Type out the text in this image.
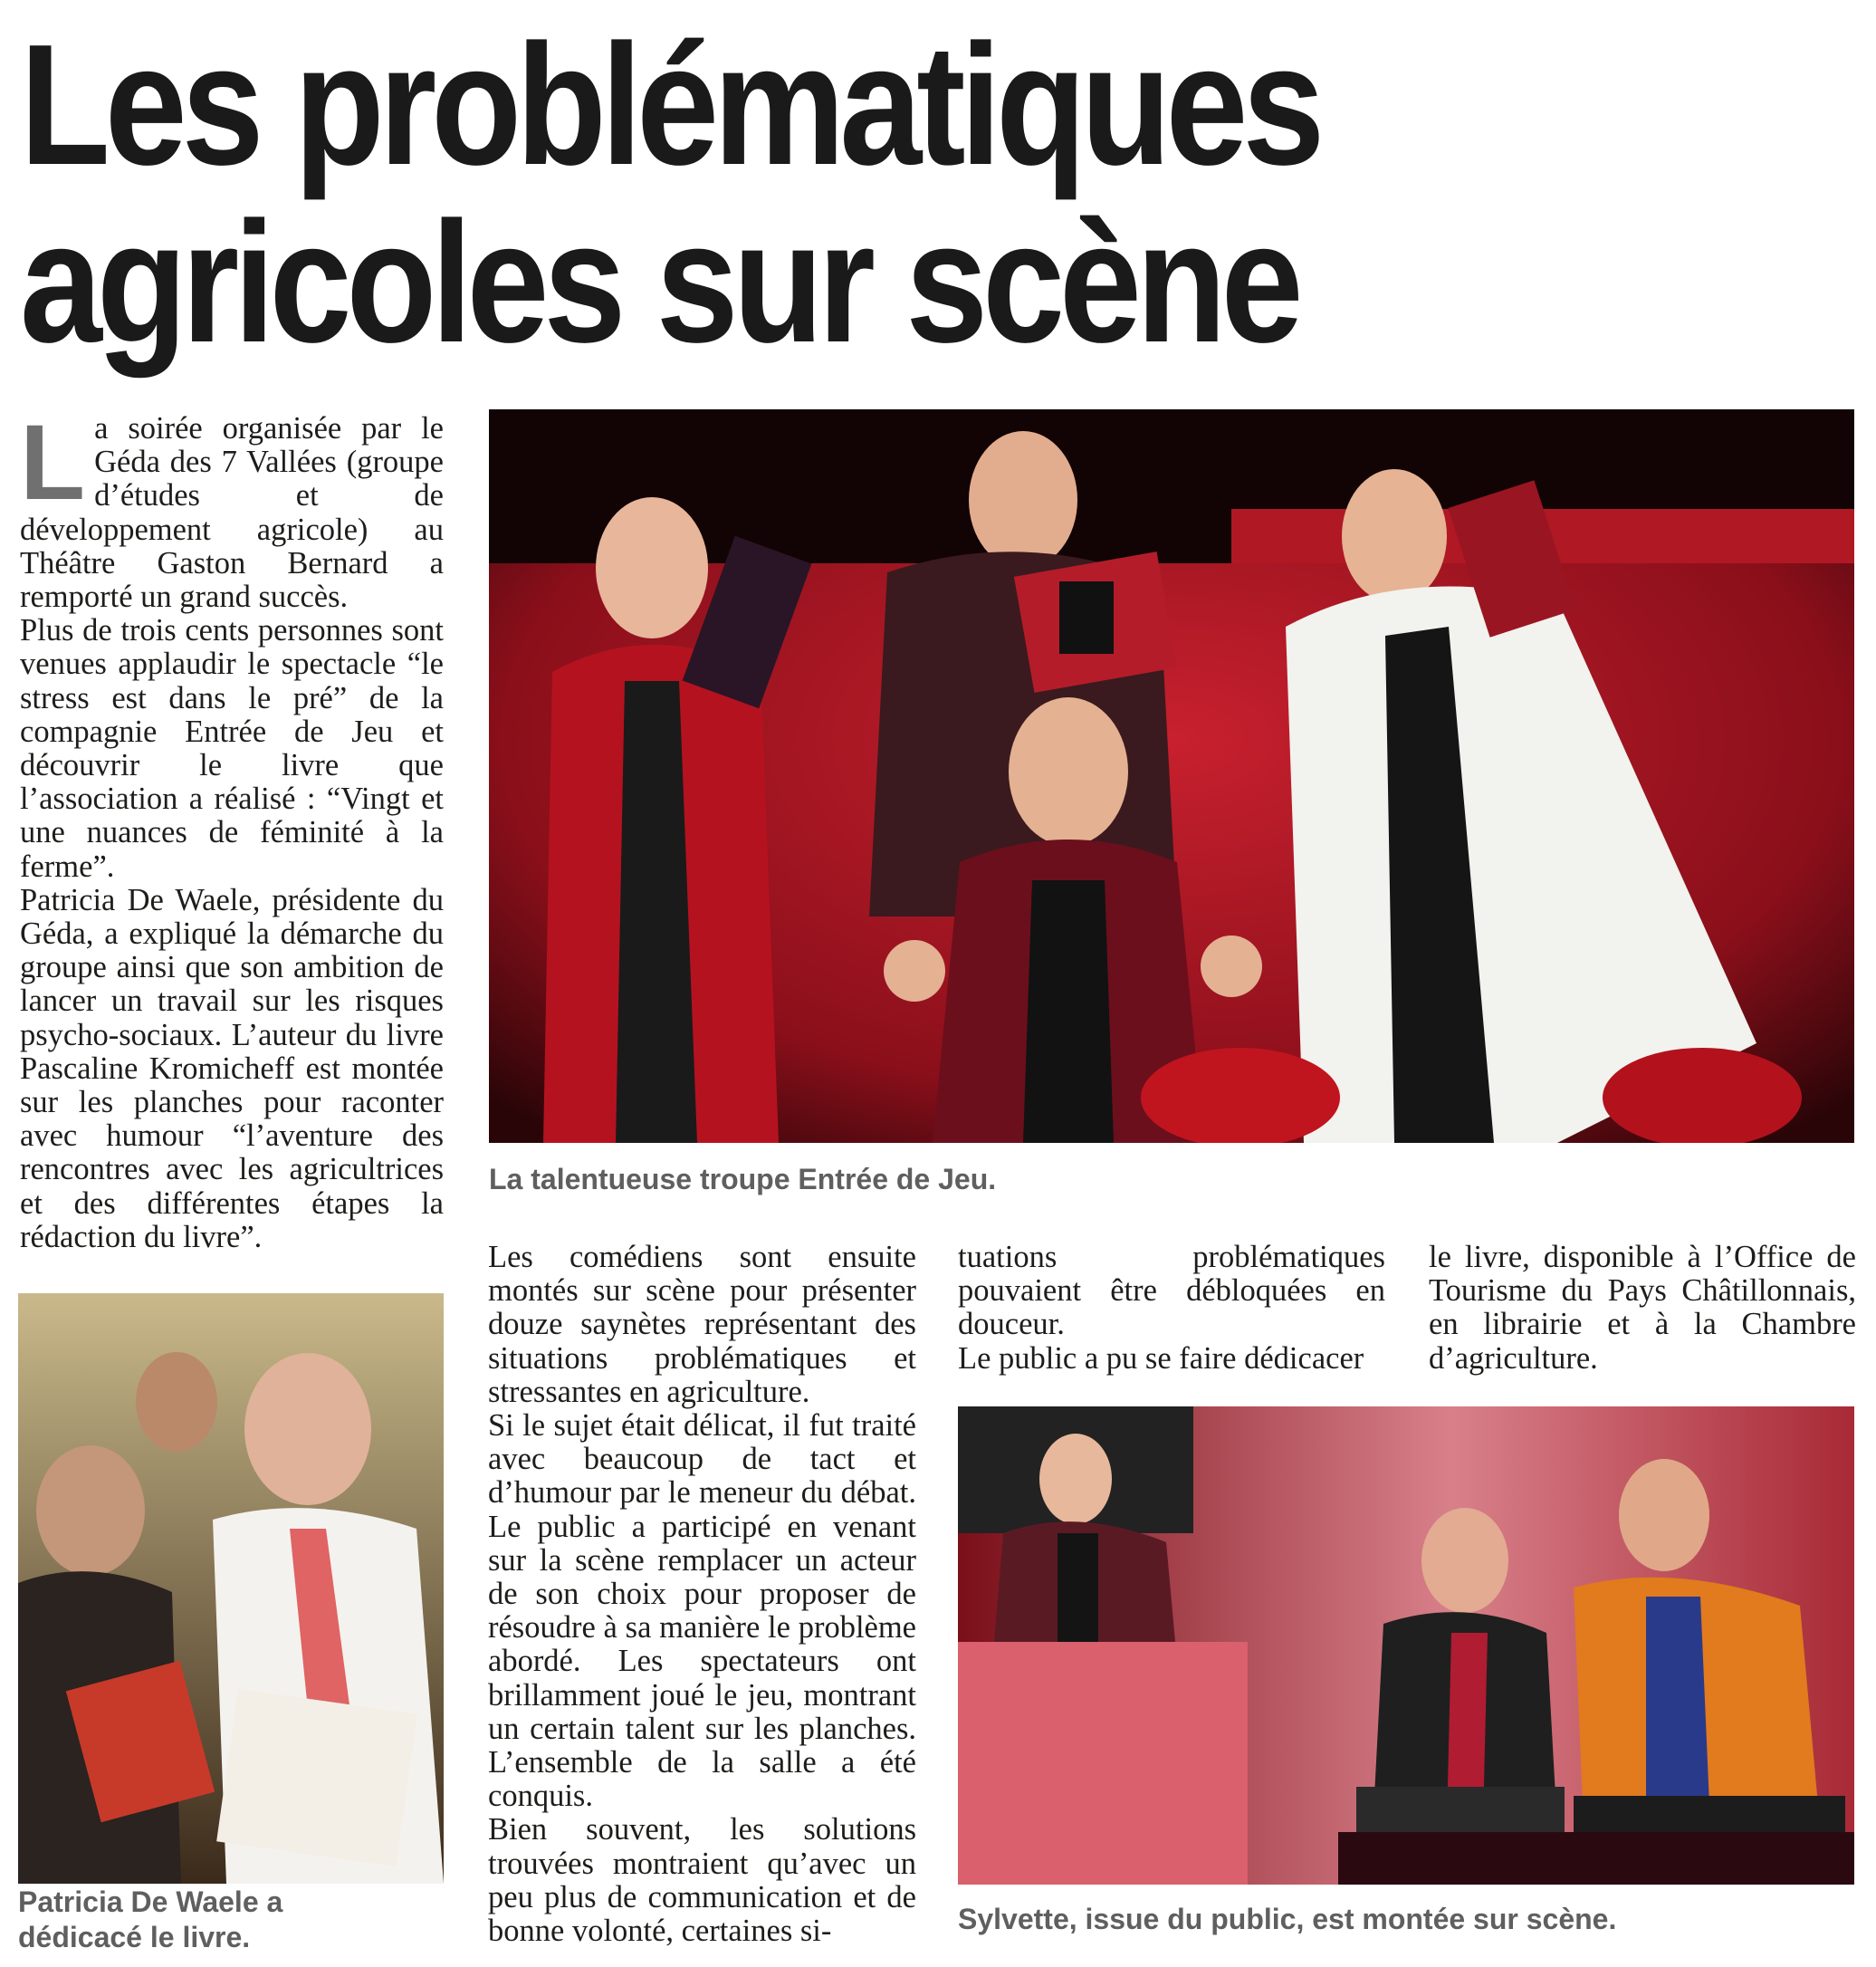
Les problématiques
agricoles sur scène

La soirée organisée par le Géda des 7 Vallées (groupe d’études et de développement agricole) au Théâtre Gaston Bernard a remporté un grand succès.

Plus de trois cents personnes sont venues applaudir le spectacle “le stress est dans le pré” de la compagnie Entrée de Jeu et découvrir le livre que l’association a réalisé : “Vingt et une nuances de féminité à la ferme”.

Patricia De Waele, présidente du Géda, a expliqué la démarche du groupe ainsi que son ambition de lancer un travail sur les risques psycho-sociaux. L’auteur du livre Pascaline Kromicheff est montée sur les planches pour raconter avec humour “l’aventure des rencontres avec les agricultrices et des différentes étapes la rédaction du livre”.

La talentueuse troupe Entrée de Jeu.

Patricia De Waele a dédicacé le livre.

Les comédiens sont ensuite montés sur scène pour présenter douze saynètes représentant des situations problématiques et stressantes en agriculture.

Si le sujet était délicat, il fut traité avec beaucoup de tact et d’humour par le meneur du débat. Le public a participé en venant sur la scène remplacer un acteur de son choix pour proposer de résoudre à sa manière le problème abordé. Les spectateurs ont brillamment joué le jeu, montrant un certain talent sur les planches. L’ensemble de la salle a été conquis.

Bien souvent, les solutions trouvées montraient qu’avec un peu plus de communication et de bonne volonté, certaines si-

tuations problématiques pouvaient être débloquées en douceur.

Le public a pu se faire dédicacer

le livre, disponible à l’Office de Tourisme du Pays Châtillonnais, en librairie et à la Chambre d’agriculture.

Sylvette, issue du public, est montée sur scène.
